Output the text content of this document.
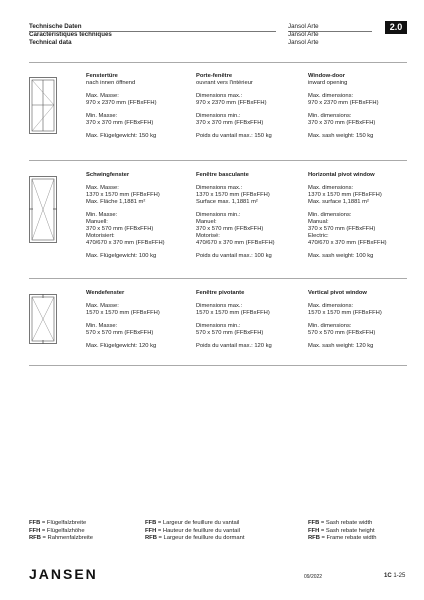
Technische Daten
Caractéristiques techniques
Technical data
Jansol Arte
Jansol Arte
Jansol Arte
2.0
Fenstertüre
nach innen öffnend

Max. Masse:
970 x 2370 mm (FFBxFFH)

Min. Masse:
370 x 370 mm (FFBxFFH)

Max. Flügelgewicht: 150 kg
Porte-fenêtre
ouvrant vers l'intérieur

Dimensions max.:
970 x 2370 mm (FFBxFFH)

Dimensions min.:
370 x 370 mm (FFBxFFH)

Poids du vantail max.: 150 kg
Window-door
inward opening

Max. dimensions:
970 x 2370 mm (FFBxFFH)

Min. dimensions:
370 x 370 mm (FFBxFFH)

Max. sash weight: 150 kg
Schwingfenster
Max. Masse:
1370 x 1570 mm (FFBxFFH)
Max. Fläche 1,1881 m²

Min. Masse:
Manuell:
370 x 570 mm (FFBxFFH)
Motorisiert:
470/670 x 370 mm (FFBxFFH)

Max. Flügelgewicht: 100 kg
Fenêtre basculante
Dimensions max.:
1370 x 1570 mm (FFBxFFH)
Surface max. 1,1881 m²

Dimensions min.:
Manuel:
370 x 570 mm (FFBxFFH)
Motorisé:
470/670 x 370 mm (FFBxFFH)

Poids du vantail max.: 100 kg
Horizontal pivot window
Max. dimensions:
1370 x 1570 mm (FFBxFFH)
Max. surface 1,1881 m²

Min. dimensions:
Manual:
370 x 570 mm (FFBxFFH)
Electric:
470/670 x 370 mm (FFBxFFH)

Max. sash weight: 100 kg
Wendefenster
Max. Masse:
1570 x 1570 mm (FFBxFFH)

Min. Masse:
570 x 570 mm (FFBxFFH)

Max. Flügelgewicht: 120 kg
Fenêtre pivotante
Dimensions max.:
1570 x 1570 mm (FFBxFFH)

Dimensions min.:
570 x 570 mm (FFBxFFH)

Poids du vantail max.: 120 kg
Vertical pivot window
Max. dimensions:
1570 x 1570 mm (FFBxFFH)

Min. dimensions:
570 x 570 mm (FFBxFFH)

Max. sash weight: 120 kg
FFB = Flügelfalzbreite
FFH = Flügelfalzhöhe
RFB = Rahmenfalzbreite
FFB = Largeur de feuillure du vantail
FFH = Hauteur de feuillure du vantail
RFB = Largeur de feuillure du dormant
FFB = Sash rebate width
FFH = Sash rebate height
RFB = Frame rebate width
JANSEN	09/2022	1C 1-25
